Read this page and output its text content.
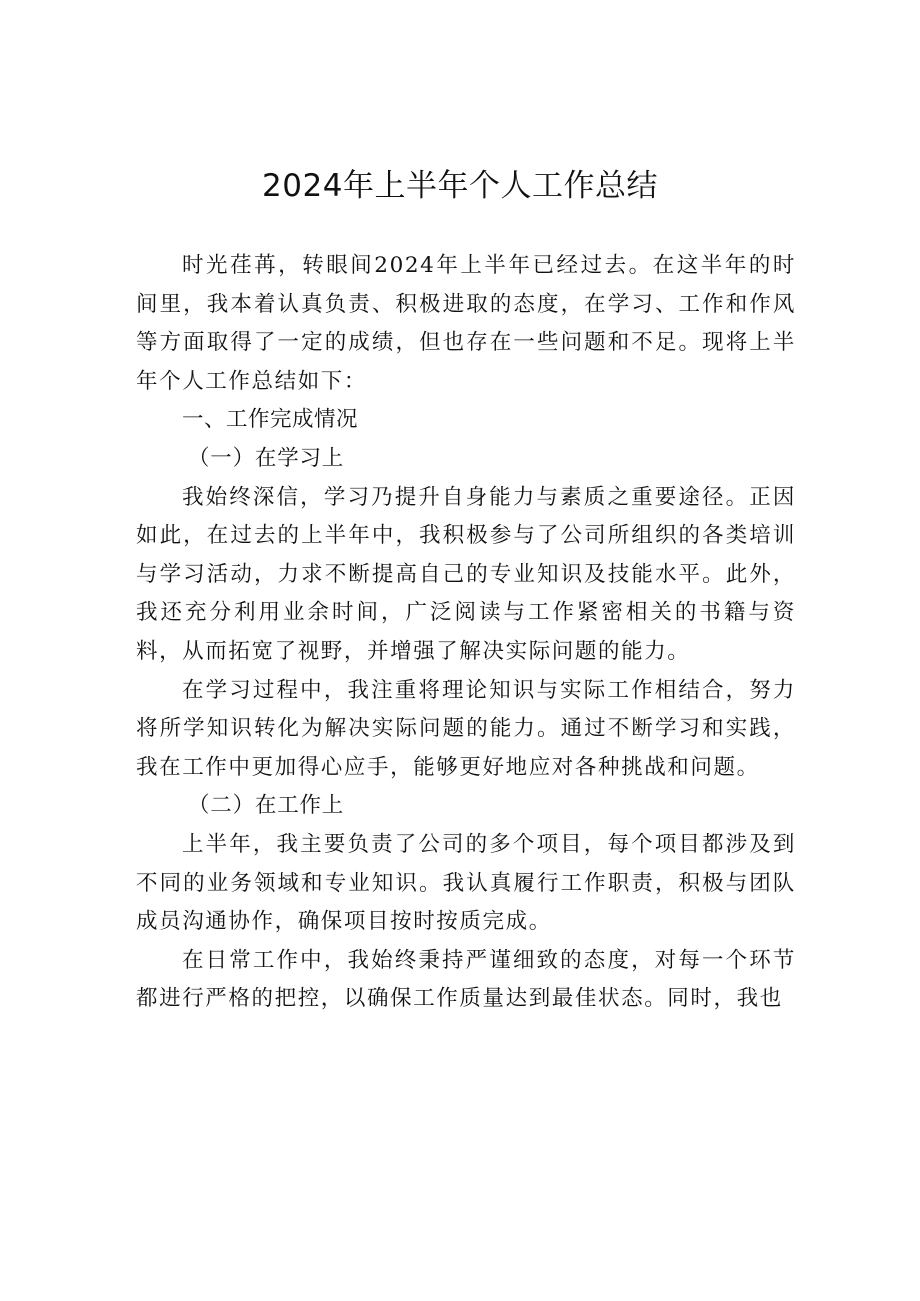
2024年上半年个人工作总结

时光荏苒，转眼间2024年上半年已经过去。在这半年的时间里，我本着认真负责、积极进取的态度，在学习、工作和作风等方面取得了一定的成绩，但也存在一些问题和不足。现将上半年个人工作总结如下：

一、工作完成情况

（一）在学习上

我始终深信，学习乃提升自身能力与素质之重要途径。正因如此，在过去的上半年中，我积极参与了公司所组织的各类培训与学习活动，力求不断提高自己的专业知识及技能水平。此外，我还充分利用业余时间，广泛阅读与工作紧密相关的书籍与资料，从而拓宽了视野，并增强了解决实际问题的能力。

在学习过程中，我注重将理论知识与实际工作相结合，努力将所学知识转化为解决实际问题的能力。通过不断学习和实践，我在工作中更加得心应手，能够更好地应对各种挑战和问题。

（二）在工作上

上半年，我主要负责了公司的多个项目，每个项目都涉及到不同的业务领域和专业知识。我认真履行工作职责，积极与团队成员沟通协作，确保项目按时按质完成。

在日常工作中，我始终秉持严谨细致的态度，对每一个环节都进行严格的把控，以确保工作质量达到最佳状态。同时，我也
